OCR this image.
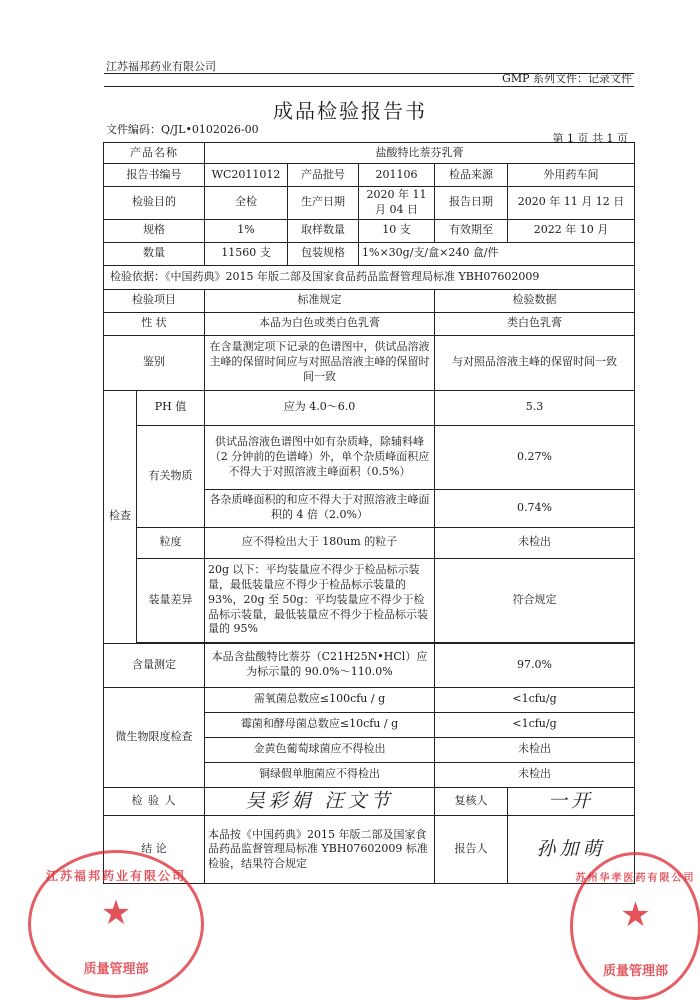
江苏福邦药业有限公司
GMP 系列文件：记录文件
成品检验报告书
文件编码：Q/JL•0102026-00
第 1 页 共 1 页
产品名称		盐酸特比萘芬乳膏				
报告书编号		WC2011012	产品批号	201106	检品来源	外用药车间
检验目的		全检	生产日期	2020 年 11 月 04 日	报告日期	2020 年 11 月 12 日
规格		1%	取样数量	10 支	有效期至	2022 年 10 月
数量		11560 支	包装规格	1%×30g/支/盒×240 盒/件		
检验依据：《中国药典》2015 年版二部及国家食品药品监督管理局标准 YBH07602009						
检验项目		标准规定			检验数据	
性 状		本品为白色或类白色乳膏			类白色乳膏	
鉴别		在含量测定项下记录的色谱图中，供试品溶液主峰的保留时间应与对照品溶液主峰的保留时间一致			与对照品溶液主峰的保留时间一致	
检查	PH 值	应为 4.0～6.0			5.3	
	有关物质	供试品溶液色谱图中如有杂质峰，除辅料峰（2 分钟前的色谱峰）外，单个杂质峰面积应不得大于对照溶液主峰面积（0.5%）			0.27%	
		各杂质峰面积的和应不得大于对照溶液主峰面积的 4 倍（2.0%）			0.74%	
	粒度	应不得检出大于 180um 的粒子			未检出	
	装量差异	20g 以下：平均装量应不得少于检品标示装量，最低装量应不得少于检品标示装量的 93%，20g 至 50g：平均装量应不得少于检品标示装量，最低装量应不得少于检品标示装量的 95%			符合规定	

含量测定		本品含盐酸特比萘芬（C21H25N•HCl）应为标示量的 90.0%～110.0%			97.0%	
微生物限度检查		需氧菌总数应≤100cfu / g			<1cfu/g	
		霉菌和酵母菌总数应≤10cfu / g			<1cfu/g	
		金黄色葡萄球菌应不得检出			未检出	
		铜绿假单胞菌应不得检出			未检出	
检 验 人		吴彩娟 汪文节			复核人	一开
结 论		本品按《中国药典》2015 年版二部及国家食品药品监督管理局标准 YBH07602009 标准检验，结果符合规定			报告人	孙加萌
江苏福邦药业有限公司
★
质量管理部
苏州华孝医药有限公司
★
质量管理部
